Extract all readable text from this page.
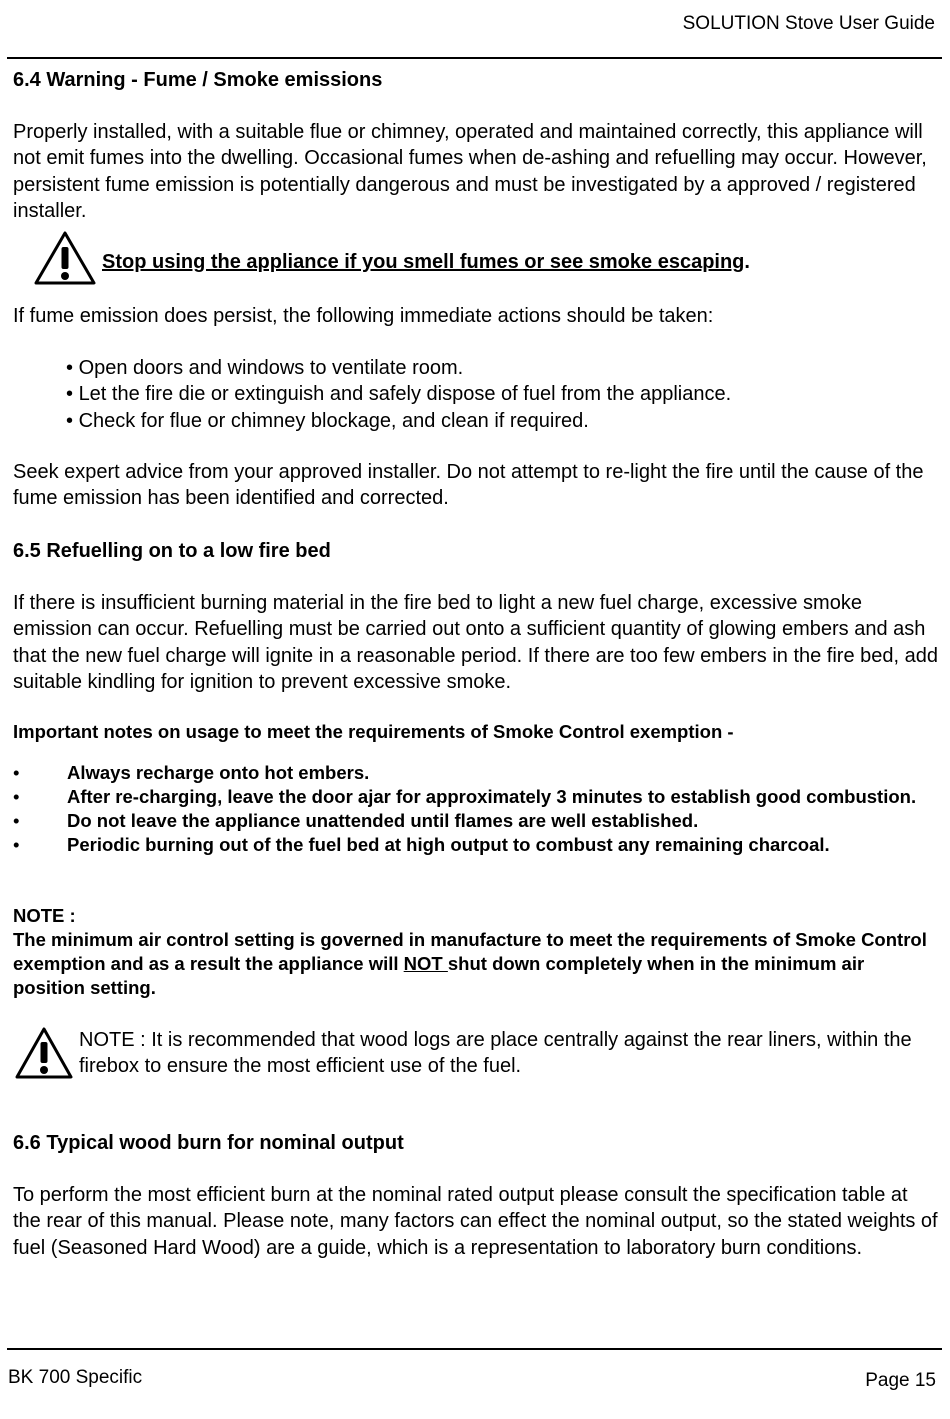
SOLUTION Stove User Guide
6.4 Warning - Fume / Smoke emissions
Properly installed, with a suitable flue or chimney, operated and maintained correctly, this appliance will not emit fumes into the dwelling. Occasional fumes when de-ashing and refuelling may occur. However, persistent fume emission is potentially dangerous and must be investigated by a approved / registered installer.
Stop using the appliance if you smell fumes or see smoke escaping.
If fume emission does persist, the following immediate actions should be taken:
• Open doors and windows to ventilate room.
• Let the fire die or extinguish and safely dispose of fuel from the appliance.
• Check for flue or chimney blockage, and clean if required.
Seek expert advice from your approved installer. Do not attempt to re-light the fire until the cause of the fume emission has been identified and corrected.
6.5 Refuelling on to a low fire bed
If there is insufficient burning material in the fire bed to light a new fuel charge, excessive smoke emission can occur. Refuelling must be carried out onto a sufficient quantity of glowing embers and ash that the new fuel charge will ignite in a reasonable period. If there are too few embers in the fire bed, add suitable kindling for ignition to prevent excessive smoke.
Important notes on usage to meet the requirements of Smoke Control exemption -
• Always recharge onto hot embers.
• After re-charging, leave the door ajar for approximately 3 minutes to establish good combustion.
• Do not leave the appliance unattended until flames are well established.
• Periodic burning out of the fuel bed at high output to combust any remaining charcoal.
NOTE :
The minimum air control setting is governed in manufacture to meet the requirements of Smoke Control exemption and as a result the appliance will NOT shut down completely when in the minimum air position setting.
NOTE : It is recommended that wood logs are place centrally against the rear liners, within the firebox to ensure the most efficient use of the fuel.
6.6 Typical wood burn for nominal output
To perform the most efficient burn at the nominal rated output please consult the specification table at the rear of this manual. Please note, many factors can effect the nominal output, so the stated weights of fuel (Seasoned Hard Wood) are a guide, which is a representation to laboratory burn conditions.
BK 700 Specific	Page 15
